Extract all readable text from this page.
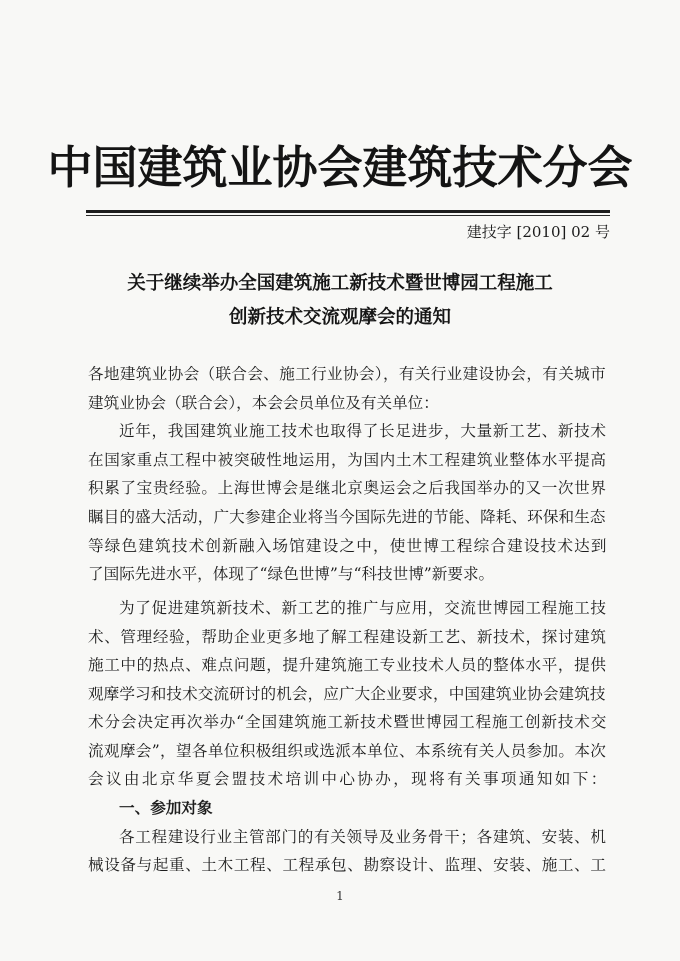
中国建筑业协会建筑技术分会
建技字 [2010] 02 号
关于继续举办全国建筑施工新技术暨世博园工程施工
创新技术交流观摩会的通知
各地建筑业协会（联合会、施工行业协会），有关行业建设协会，有关城市
建筑业协会（联合会），本会会员单位及有关单位：
近年，我国建筑业施工技术也取得了长足进步，大量新工艺、新技术
在国家重点工程中被突破性地运用，为国内土木工程建筑业整体水平提高
积累了宝贵经验。上海世博会是继北京奥运会之后我国举办的又一次世界
瞩目的盛大活动，广大参建企业将当今国际先进的节能、降耗、环保和生态
等绿色建筑技术创新融入场馆建设之中，使世博工程综合建设技术达到
了国际先进水平，体现了“绿色世博”与“科技世博”新要求。
为了促进建筑新技术、新工艺的推广与应用，交流世博园工程施工技
术、管理经验，帮助企业更多地了解工程建设新工艺、新技术，探讨建筑
施工中的热点、难点问题，提升建筑施工专业技术人员的整体水平，提供
观摩学习和技术交流研讨的机会，应广大企业要求，中国建筑业协会建筑技
术分会决定再次举办“全国建筑施工新技术暨世博园工程施工创新技术交
流观摩会”，望各单位积极组织或选派本单位、本系统有关人员参加。本次
会议由北京华夏会盟技术培训中心协办，现将有关事项通知如下：
一、参加对象
各工程建设行业主管部门的有关领导及业务骨干；各建筑、安装、机
械设备与起重、土木工程、工程承包、勘察设计、监理、安装、施工、工
1
